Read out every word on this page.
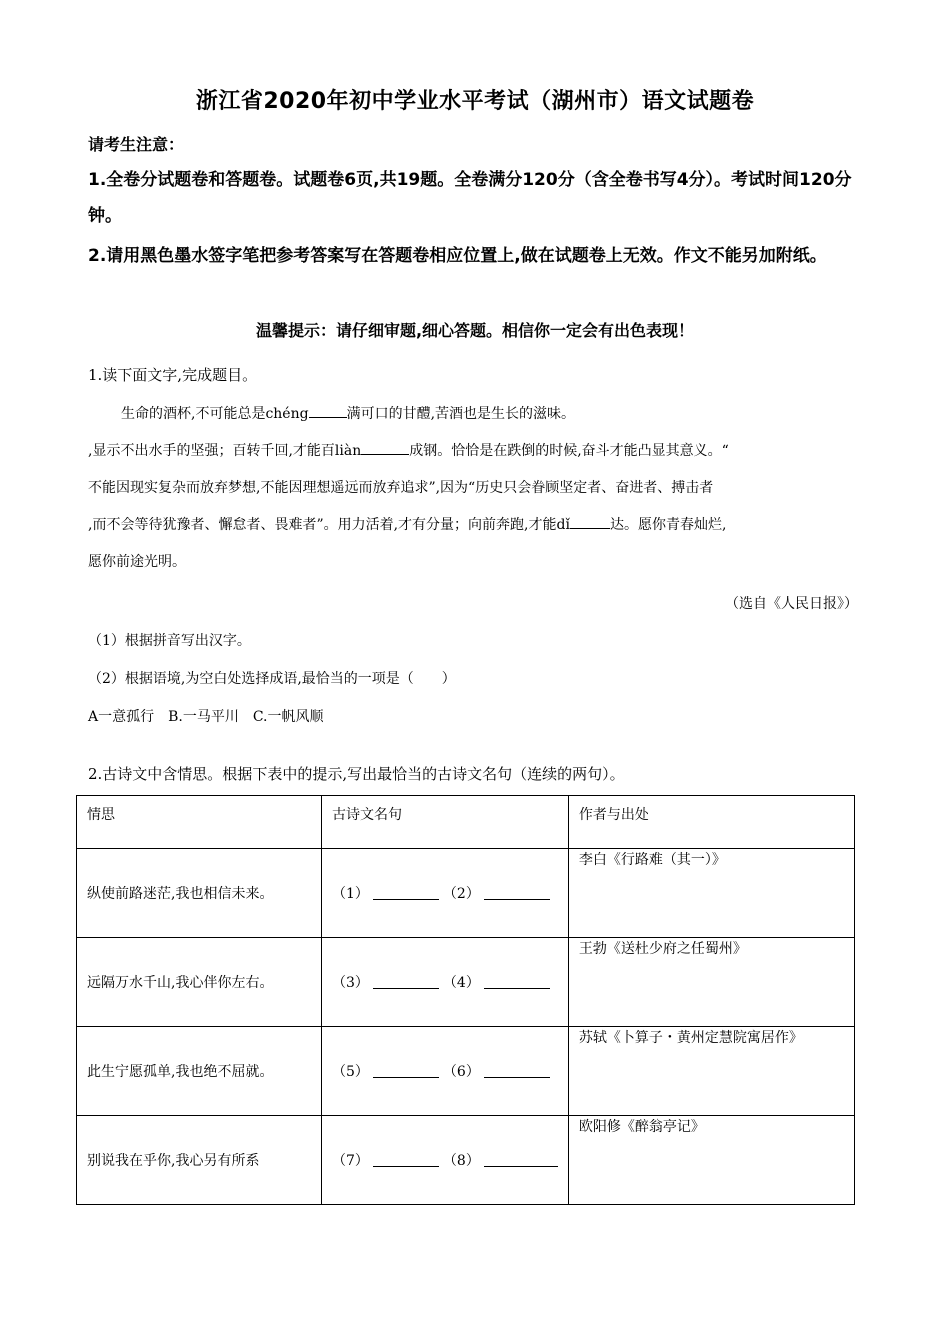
浙江省2020年初中学业水平考试（湖州市）语文试题卷
请考生注意：
1.全卷分试题卷和答题卷。试题卷6页,共19题。全卷满分120分（含全卷书写4分）。考试时间120分钟。
2.请用黑色墨水签字笔把参考答案写在答题卷相应位置上,做在试题卷上无效。作文不能另加附纸。
温馨提示：请仔细审题,细心答题。相信你一定会有出色表现！
1.读下面文字,完成题目。
生命的酒杯,不可能总是chéng	满可口的甘醴,苦酒也是生长的滋味。
,显示不出水手的坚强；百转千回,才能百liàn	成钢。恰恰是在跌倒的时候,奋斗才能凸显其意义。“
不能因现实复杂而放弃梦想,不能因理想遥远而放弃追求”,因为“历史只会眷顾坚定者、奋进者、搏击者
,而不会等待犹豫者、懈怠者、畏难者”。用力活着,才有分量；向前奔跑,才能dǐ	达。愿你青春灿烂,
愿你前途光明。
（选自《人民日报》）
（1）根据拼音写出汉字。
（2）根据语境,为空白处选择成语,最恰当的一项是（　　）
A一意孤行　B.一马平川　C.一帆风顺
2.古诗文中含情思。根据下表中的提示,写出最恰当的古诗文名句（连续的两句）。
情思	古诗文名句	作者与出处

纵使前路迷茫,我也相信未来。	（1） （2）	李白《行路难（其一）》

远隔万水千山,我心伴你左右。	（3） （4）	王勃《送杜少府之任蜀州》

此生宁愿孤单,我也绝不屈就。	（5） （6）	苏轼《卜算子・黄州定慧院寓居作》

别说我在乎你,我心另有所系	（7） （8）	欧阳修《醉翁亭记》
